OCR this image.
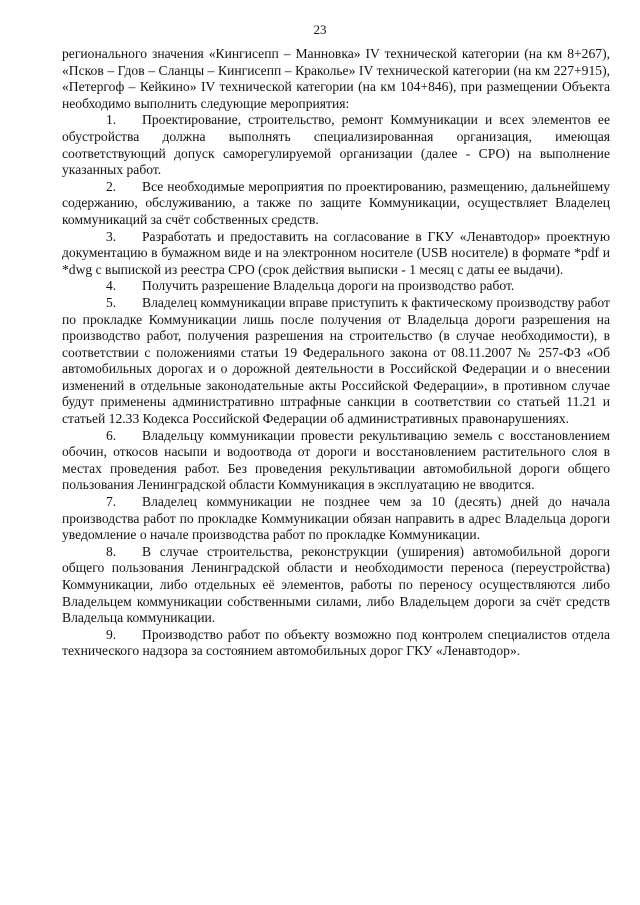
23

регионального значения «Кингисепп – Манновка» IV технической категории (на км 8+267), «Псков – Гдов – Сланцы – Кингисепп – Краколье» IV технической категории (на км 227+915), «Петергоф – Кейкино» IV технической категории (на км 104+846), при размещении Объекта необходимо выполнить следующие мероприятия:

1. Проектирование, строительство, ремонт Коммуникации и всех элементов ее обустройства должна выполнять специализированная организация, имеющая соответствующий допуск саморегулируемой организации (далее - СРО) на выполнение указанных работ.

2. Все необходимые мероприятия по проектированию, размещению, дальнейшему содержанию, обслуживанию, а также по защите Коммуникации, осуществляет Владелец коммуникаций за счёт собственных средств.

3. Разработать и предоставить на согласование в ГКУ «Ленавтодор» проектную документацию в бумажном виде и на электронном носителе (USB носителе) в формате *pdf и *dwg с выпиской из реестра СРО (срок действия выписки - 1 месяц с даты ее выдачи).

4. Получить разрешение Владельца дороги на производство работ.

5. Владелец коммуникации вправе приступить к фактическому производству работ по прокладке Коммуникации лишь после получения от Владельца дороги разрешения на производство работ, получения разрешения на строительство (в случае необходимости), в соответствии с положениями статьи 19 Федерального закона от 08.11.2007 № 257-ФЗ «Об автомобильных дорогах и о дорожной деятельности в Российской Федерации и о внесении изменений в отдельные законодательные акты Российской Федерации», в противном случае будут применены административно штрафные санкции в соответствии со статьей 11.21 и статьей 12.33 Кодекса Российской Федерации об административных правонарушениях.

6. Владельцу коммуникации провести рекультивацию земель с восстановлением обочин, откосов насыпи и водоотвода от дороги и восстановлением растительного слоя в местах проведения работ. Без проведения рекультивации автомобильной дороги общего пользования Ленинградской области Коммуникация в эксплуатацию не вводится.

7. Владелец коммуникации не позднее чем за 10 (десять) дней до начала производства работ по прокладке Коммуникации обязан направить в адрес Владельца дороги уведомление о начале производства работ по прокладке Коммуникации.

8. В случае строительства, реконструкции (уширения) автомобильной дороги общего пользования Ленинградской области и необходимости переноса (переустройства) Коммуникации, либо отдельных её элементов, работы по переносу осуществляются либо Владельцем коммуникации собственными силами, либо Владельцем дороги за счёт средств Владельца коммуникации.

9. Производство работ по объекту возможно под контролем специалистов отдела технического надзора за состоянием автомобильных дорог ГКУ «Ленавтодор».
